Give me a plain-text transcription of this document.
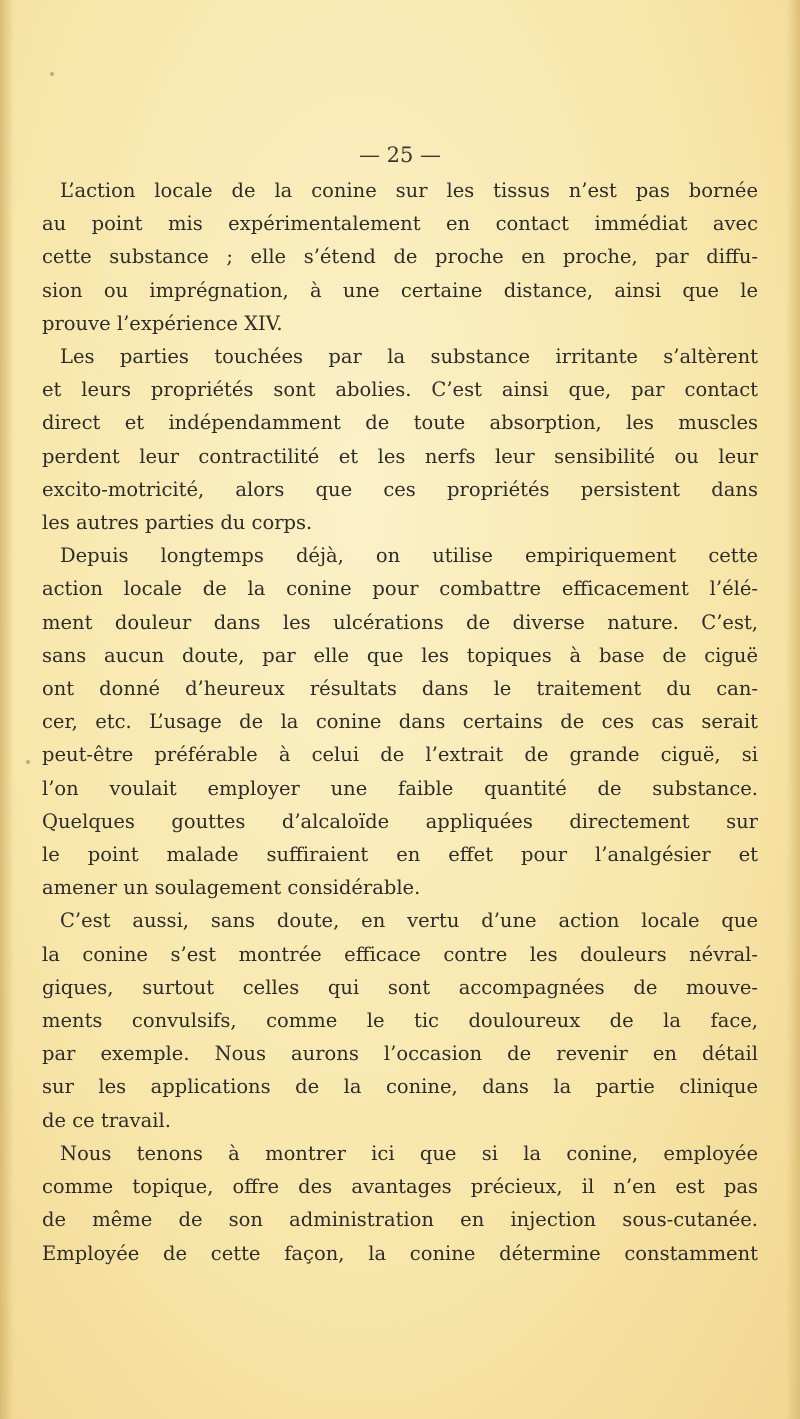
— 25 —

L’action locale de la conine sur les tissus n’est pas bornée
au point mis expérimentalement en contact immédiat avec
cette substance ; elle s’étend de proche en proche, par diffu-
sion ou imprégnation, à une certaine distance, ainsi que le
prouve l’expérience XIV.

Les parties touchées par la substance irritante s’altèrent
et leurs propriétés sont abolies. C’est ainsi que, par contact
direct et indépendamment de toute absorption, les muscles
perdent leur contractilité et les nerfs leur sensibilité ou leur
excito-motricité, alors que ces propriétés persistent dans
les autres parties du corps.

Depuis longtemps déjà, on utilise empiriquement cette
action locale de la conine pour combattre efficacement l’élé-
ment douleur dans les ulcérations de diverse nature. C’est,
sans aucun doute, par elle que les topiques à base de ciguë
ont donné d’heureux résultats dans le traitement du can-
cer, etc. L’usage de la conine dans certains de ces cas serait
peut-être préférable à celui de l’extrait de grande ciguë, si
l’on voulait employer une faible quantité de substance.
Quelques gouttes d’alcaloïde appliquées directement sur
le point malade suffiraient en effet pour l’analgésier et
amener un soulagement considérable.

C’est aussi, sans doute, en vertu d’une action locale que
la conine s’est montrée efficace contre les douleurs névral-
giques, surtout celles qui sont accompagnées de mouve-
ments convulsifs, comme le tic douloureux de la face,
par exemple. Nous aurons l’occasion de revenir en détail
sur les applications de la conine, dans la partie clinique
de ce travail.

Nous tenons à montrer ici que si la conine, employée
comme topique, offre des avantages précieux, il n’en est pas
de même de son administration en injection sous-cutanée.
Employée de cette façon, la conine détermine constamment
